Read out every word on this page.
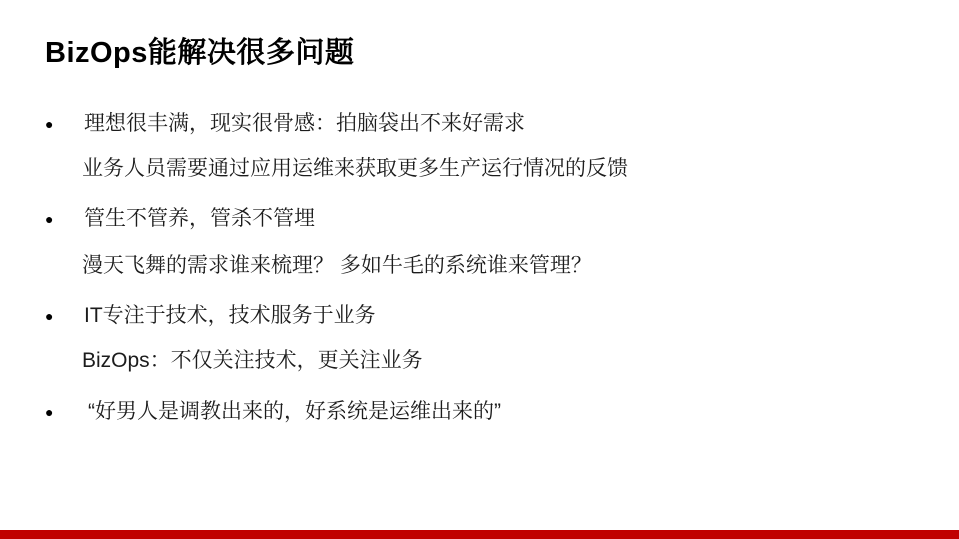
BizOps能解决很多问题
●	理想很丰满，现实很骨感：拍脑袋出不来好需求
业务人员需要通过应用运维来获取更多生产运行情况的反馈
●	管生不管养，管杀不管埋
漫天飞舞的需求谁来梳理？ 多如牛毛的系统谁来管理？
●	IT专注于技术，技术服务于业务
BizOps：不仅关注技术，更关注业务
●	“好男人是调教出来的，好系统是运维出来的”
